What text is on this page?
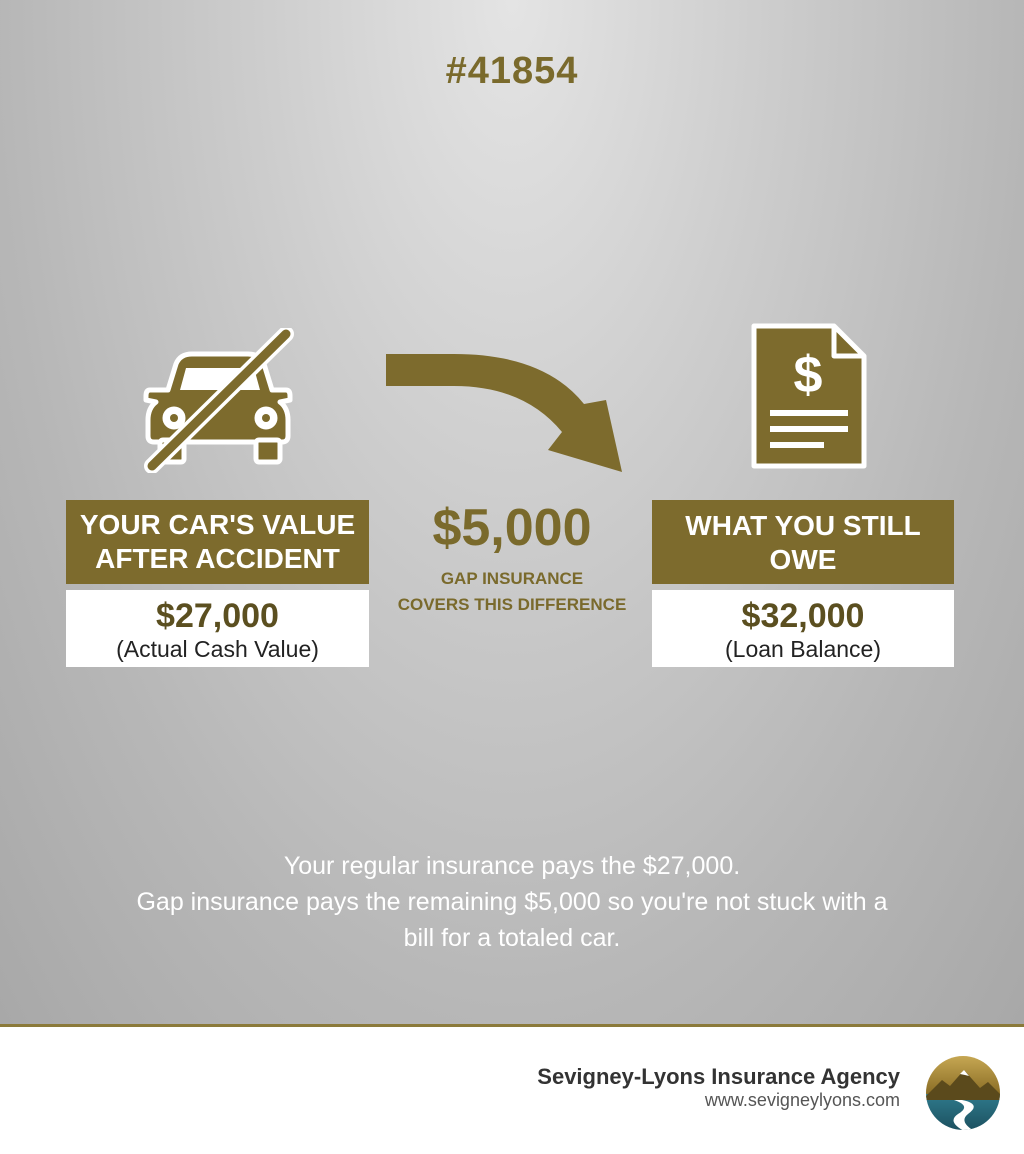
#41854
$
YOUR CAR'S VALUE
AFTER ACCIDENT
$27,000
(Actual Cash Value)
$5,000
GAP INSURANCE
COVERS THIS DIFFERENCE
WHAT YOU STILL OWE
$32,000
(Loan Balance)
Your regular insurance pays the $27,000.
Gap insurance pays the remaining $5,000 so you're not stuck with a
bill for a totaled car.
Sevigney-Lyons Insurance Agency
www.sevigneylyons.com
